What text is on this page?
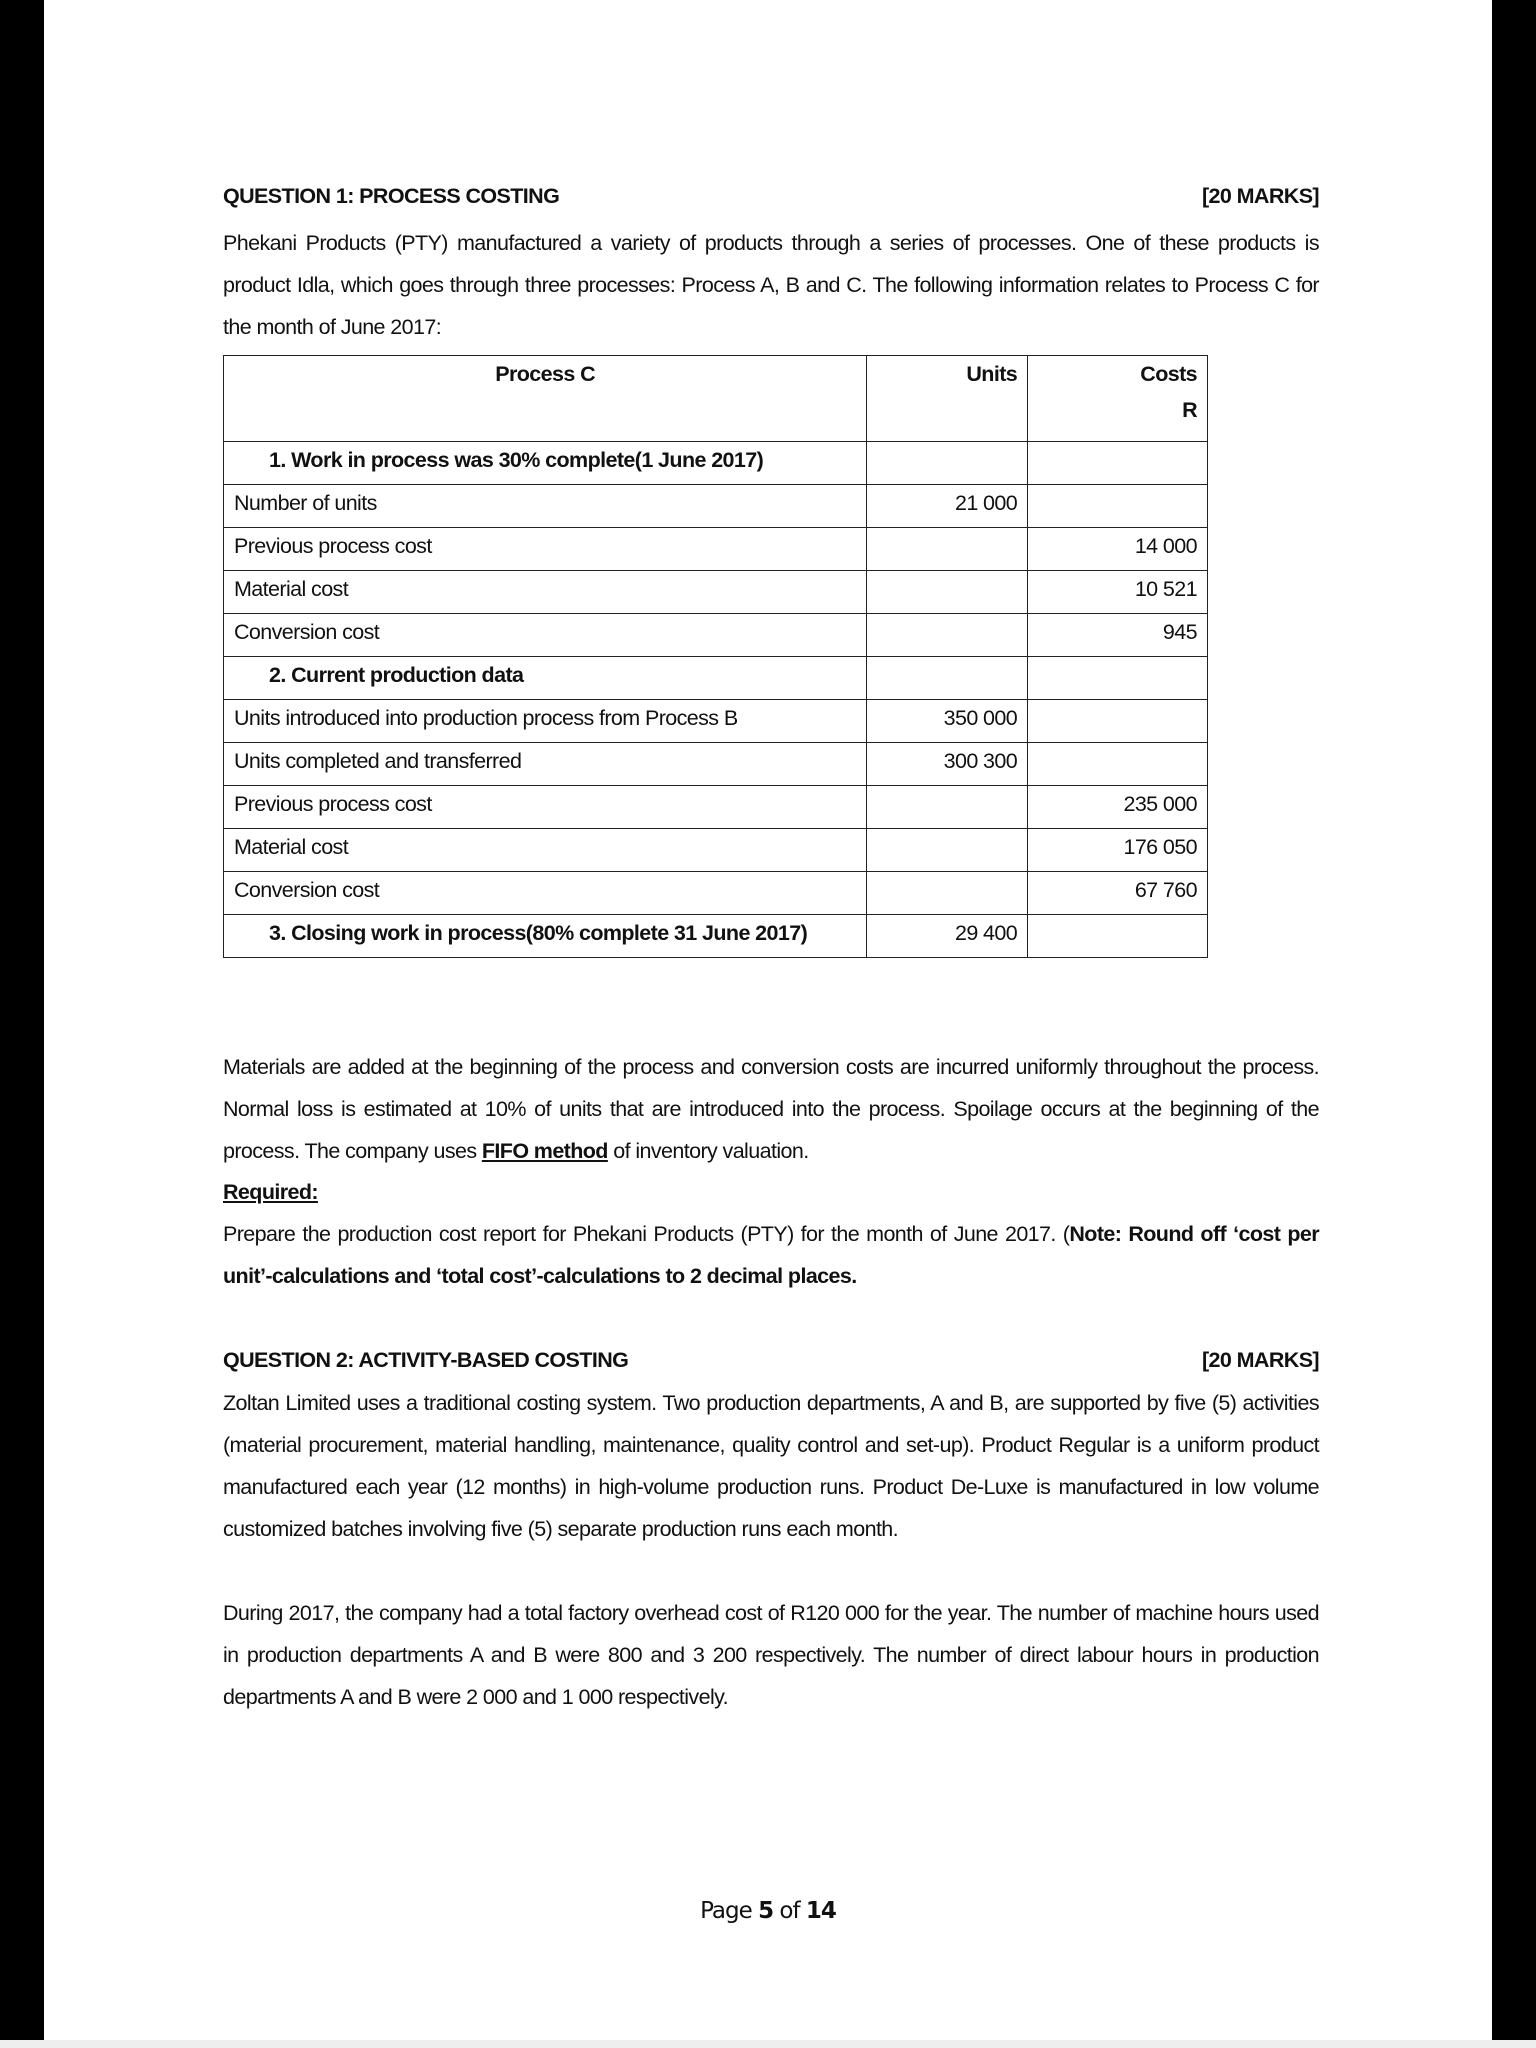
QUESTION 1: PROCESS COSTING	[20 MARKS]
Phekani Products (PTY) manufactured a variety of products through a series of processes. One of these products is product Idla, which goes through three processes: Process A, B and C. The following information relates to Process C for the month of June 2017:
Process C	Units	Costs
R
1. Work in process was 30% complete(1 June 2017)		
Number of units	21 000	
Previous process cost		14 000
Material cost		10 521
Conversion cost		945
2. Current production data		
Units introduced into production process from Process B	350 000	
Units completed and transferred	300 300	
Previous process cost		235 000
Material cost		176 050
Conversion cost		67 760
3. Closing work in process(80% complete 31 June 2017)	29 400	
Materials are added at the beginning of the process and conversion costs are incurred uniformly throughout the process. Normal loss is estimated at 10% of units that are introduced into the process. Spoilage occurs at the beginning of the process. The company uses FIFO method of inventory valuation.
Required:
Prepare the production cost report for Phekani Products (PTY) for the month of June 2017. (Note: Round off ‘cost per unit’-calculations and ‘total cost’-calculations to 2 decimal places.
QUESTION 2: ACTIVITY-BASED COSTING	[20 MARKS]
Zoltan Limited uses a traditional costing system. Two production departments, A and B, are supported by five (5) activities (material procurement, material handling, maintenance, quality control and set-up). Product Regular is a uniform product manufactured each year (12 months) in high-volume production runs. Product De-Luxe is manufactured in low volume customized batches involving five (5) separate production runs each month.
During 2017, the company had a total factory overhead cost of R120 000 for the year. The number of machine hours used in production departments A and B were 800 and 3 200 respectively. The number of direct labour hours in production departments A and B were 2 000 and 1 000 respectively.
Page 5 of 14
